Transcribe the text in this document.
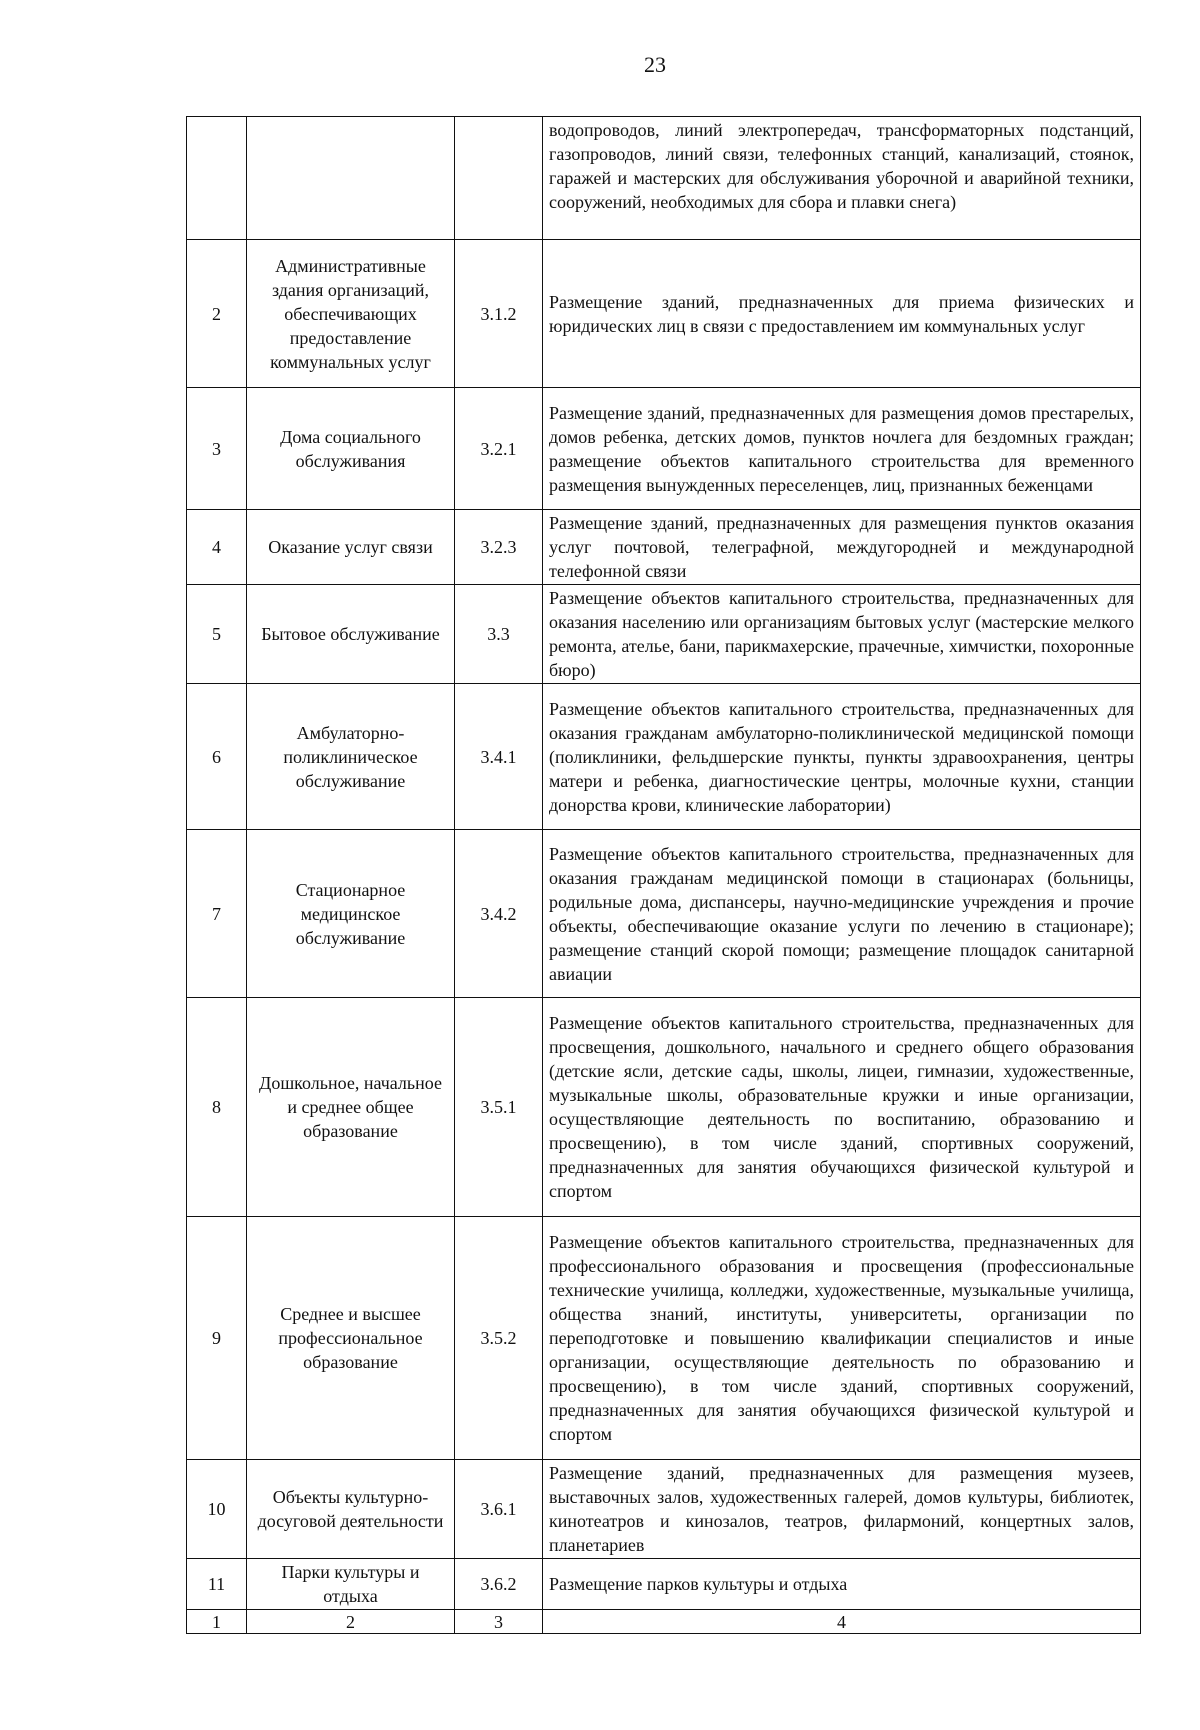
23
			водопроводов, линий электропередач, трансформаторных подстанций, газопроводов, линий связи, телефонных станций, канализаций, стоянок, гаражей и мастерских для обслуживания уборочной и аварийной техники, сооружений, необходимых для сбора и плавки снега)
2	Административные здания организаций, обеспечивающих предоставление коммунальных услуг	3.1.2	Размещение зданий, предназначенных для приема физических и юридических лиц в связи с предоставлением им коммунальных услуг
3	Дома социального обслуживания	3.2.1	Размещение зданий, предназначенных для размещения домов престарелых, домов ребенка, детских домов, пунктов ночлега для бездомных граждан; размещение объектов капитального строительства для временного размещения вынужденных переселенцев, лиц, признанных беженцами
4	Оказание услуг связи	3.2.3	Размещение зданий, предназначенных для размещения пунктов оказания услуг почтовой, телеграфной, междугородней и международной телефонной связи
5	Бытовое обслуживание	3.3	Размещение объектов капитального строительства, предназначенных для оказания населению или организациям бытовых услуг (мастерские мелкого ремонта, ателье, бани, парикмахерские, прачечные, химчистки, похоронные бюро)
6	Амбулаторно-поликлиническое обслуживание	3.4.1	Размещение объектов капитального строительства, предназначенных для оказания гражданам амбулаторно-поликлинической медицинской помощи (поликлиники, фельдшерские пункты, пункты здравоохранения, центры матери и ребенка, диагностические центры, молочные кухни, станции донорства крови, клинические лаборатории)
7	Стационарное медицинское обслуживание	3.4.2	Размещение объектов капитального строительства, предназначенных для оказания гражданам медицинской помощи в стационарах (больницы, родильные дома, диспансеры, научно-медицинские учреждения и прочие объекты, обеспечивающие оказание услуги по лечению в стационаре); размещение станций скорой помощи; размещение площадок санитарной авиации
8	Дошкольное, начальное и среднее общее образование	3.5.1	Размещение объектов капитального строительства, предназначенных для просвещения, дошкольного, начального и среднего общего образования (детские ясли, детские сады, школы, лицеи, гимназии, художественные, музыкальные школы, образовательные кружки и иные организации, осуществляющие деятельность по воспитанию, образованию и просвещению), в том числе зданий, спортивных сооружений, предназначенных для занятия обучающихся физической культурой и спортом
9	Среднее и высшее профессиональное образование	3.5.2	Размещение объектов капитального строительства, предназначенных для профессионального образования и просвещения (профессиональные технические училища, колледжи, художественные, музыкальные училища, общества знаний, институты, университеты, организации по переподготовке и повышению квалификации специалистов и иные организации, осуществляющие деятельность по образованию и просвещению), в том числе зданий, спортивных сооружений, предназначенных для занятия обучающихся физической культурой и спортом
10	Объекты культурно-досуговой деятельности	3.6.1	Размещение зданий, предназначенных для размещения музеев, выставочных залов, художественных галерей, домов культуры, библиотек, кинотеатров и кинозалов, театров, филармоний, концертных залов, планетариев
11	Парки культуры и отдыха	3.6.2	Размещение парков культуры и отдыха
1	2	3	4
